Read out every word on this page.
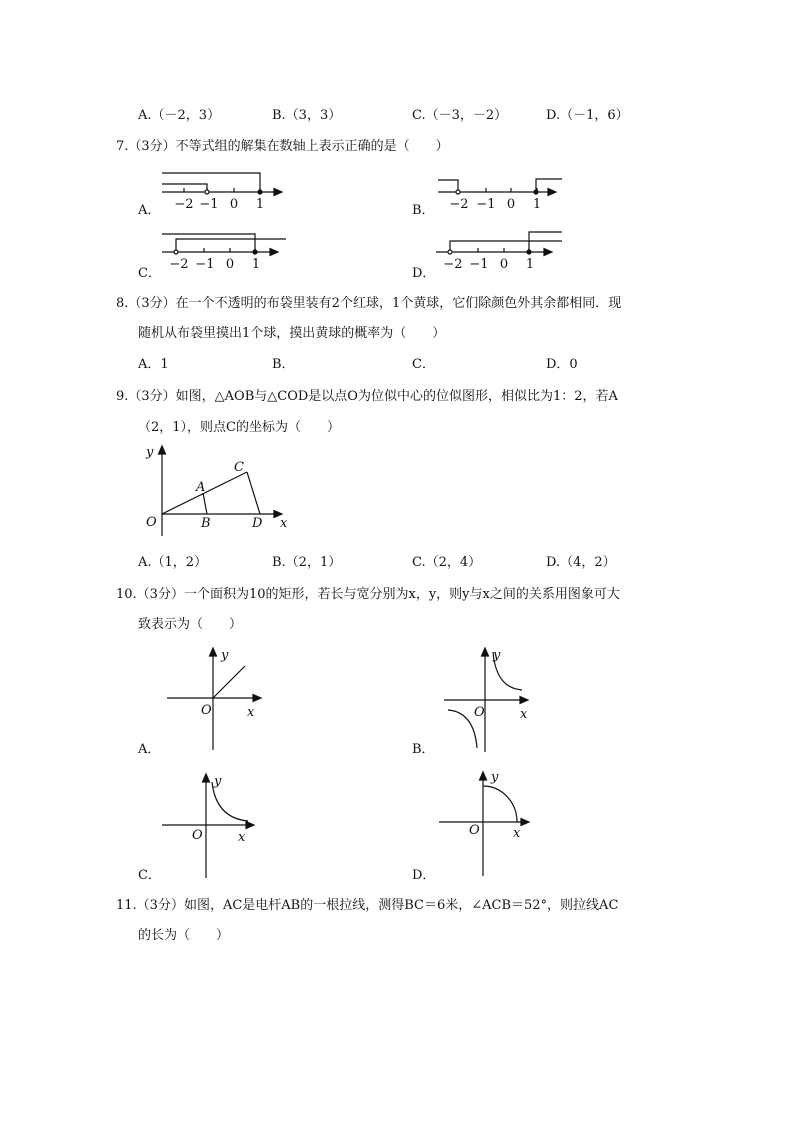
A.（－2，3）	B.（3，3）	C.（－3，－2）	D.（－1，6）
7.（3分）不等式组的解集在数轴上表示正确的是（　　）
A． −2 −1 0 1	B． −2 −1 0 1
C．
−2 −1 0 1
D．
−2 −1 0 1
8.（3分）在一个不透明的布袋里装有2个红球，1个黄球，它们除颜色外其余都相同．现
随机从布袋里摸出1个球，摸出黄球的概率为（　　）
A．1	B．	C．	D．0
9.（3分）如图，△AOB与△COD是以点O为位似中心的位似图形，相似比为1：2，若A
（2，1），则点C的坐标为（　　）
y
C
A
O	B	D x
A.（1，2）	B.（2，1）	C.（2，4）	D.（4，2）
10.（3分）一个面积为10的矩形，若长与宽分别为x，y，则y与x之间的关系用图象可大
致表示为（　　）
A．
y
O	x
B．
y
O	x
C．
y
O	x
D．
y
O	x
11.（3分）如图，AC是电杆AB的一根拉线，测得BC＝6米，∠ACB＝52°，则拉线AC
的长为（　　）
